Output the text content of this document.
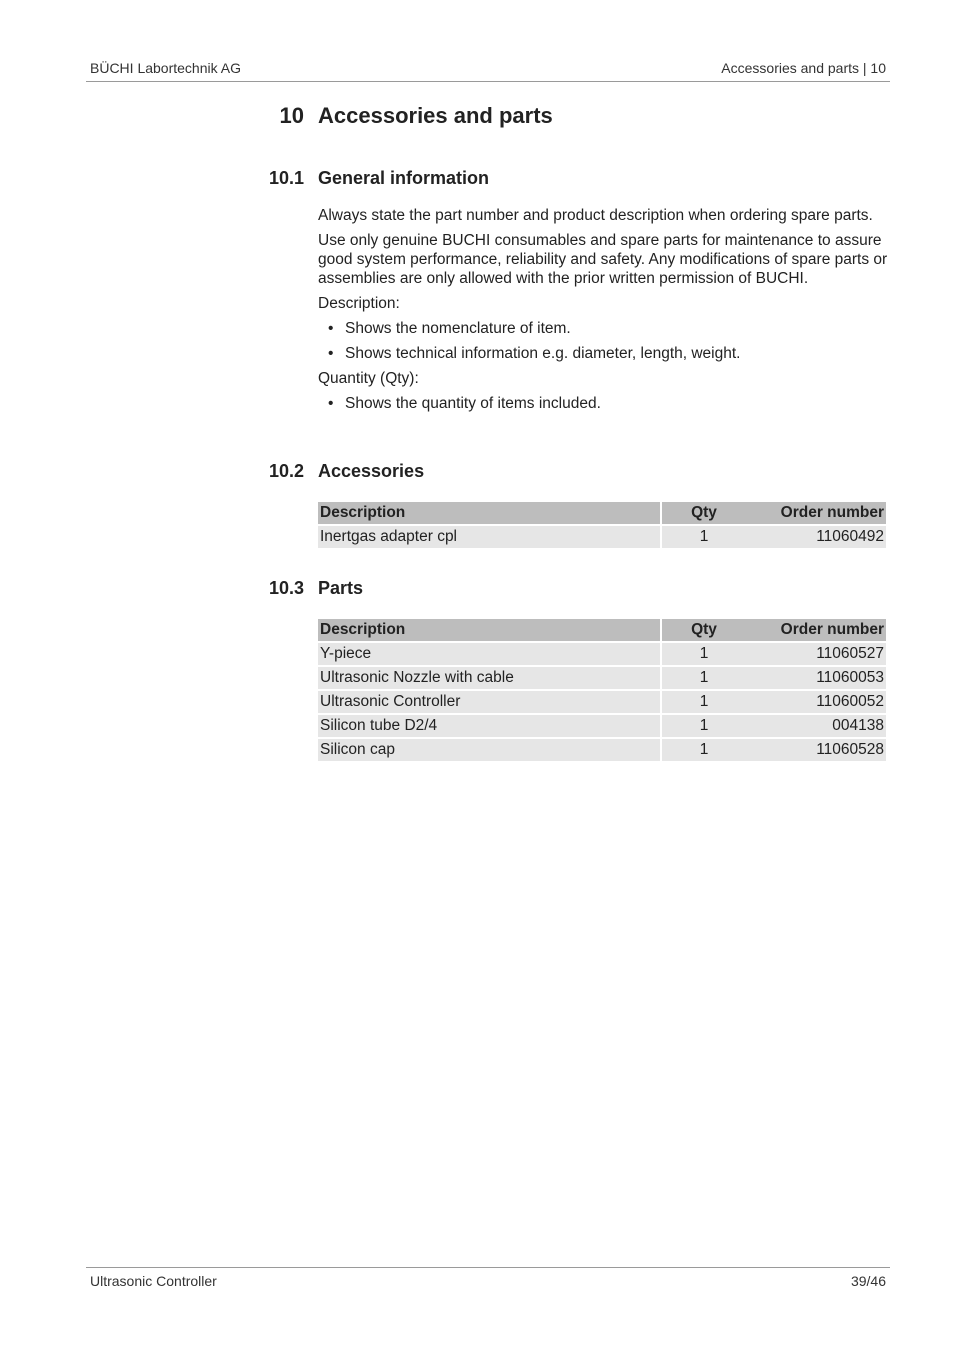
BÜCHI Labortechnik AG	Accessories and parts | 10
10 Accessories and parts
10.1 General information

Always state the part number and product description when ordering spare parts.

Use only genuine BUCHI consumables and spare parts for maintenance to assure good system performance, reliability and safety. Any modifications of spare parts or assemblies are only allowed with the prior written permission of BUCHI.

Description:

• Shows the nomenclature of item.
• Shows technical information e.g. diameter, length, weight.

Quantity (Qty):

• Shows the quantity of items included.
10.2 Accessories
Description	Qty	Order number
Inertgas adapter cpl	1	11060492
10.3 Parts
Description	Qty	Order number
Y-piece	1	11060527
Ultrasonic Nozzle with cable	1	11060053
Ultrasonic Controller	1	11060052
Silicon tube D2/4	1	004138
Silicon cap	1	11060528
Ultrasonic Controller	39/46
